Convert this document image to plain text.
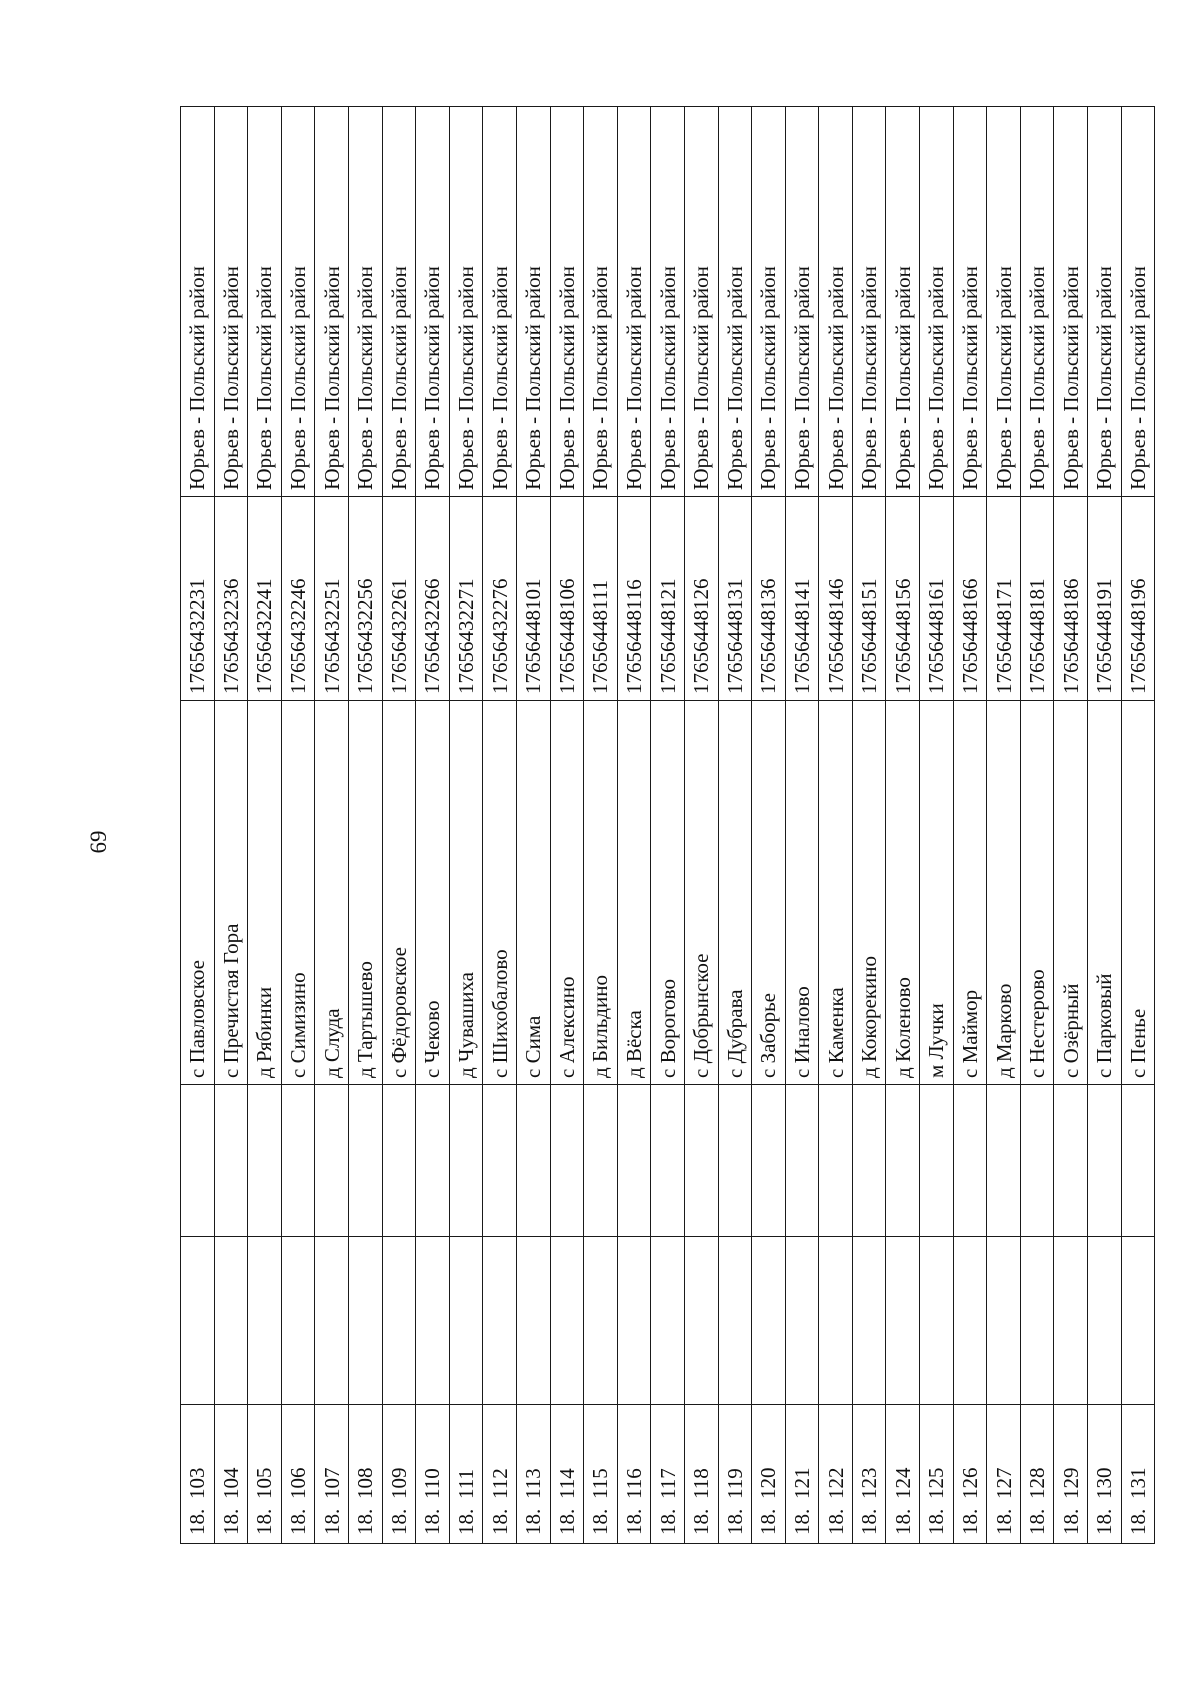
69
18.103			с Павловское	17656432231	Юрьев - Польский район
18.104			с Пречистая Гора	17656432236	Юрьев - Польский район
18.105			д Рябинки	17656432241	Юрьев - Польский район
18.106			с Симизино	17656432246	Юрьев - Польский район
18.107			д Слуда	17656432251	Юрьев - Польский район
18.108			д Тартышево	17656432256	Юрьев - Польский район
18.109			с Фёдоровское	17656432261	Юрьев - Польский район
18.110			с Чеково	17656432266	Юрьев - Польский район
18.111			д Чувашиха	17656432271	Юрьев - Польский район
18.112			с Шихобалово	17656432276	Юрьев - Польский район
18.113			с Сима	17656448101	Юрьев - Польский район
18.114			с Алексино	17656448106	Юрьев - Польский район
18.115			д Бильдино	17656448111	Юрьев - Польский район
18.116			д Вёска	17656448116	Юрьев - Польский район
18.117			с Ворогово	17656448121	Юрьев - Польский район
18.118			с Добрынское	17656448126	Юрьев - Польский район
18.119			с Дубрава	17656448131	Юрьев - Польский район
18.120			с Заборье	17656448136	Юрьев - Польский район
18.121			с Иналово	17656448141	Юрьев - Польский район
18.122			с Каменка	17656448146	Юрьев - Польский район
18.123			д Кокорекино	17656448151	Юрьев - Польский район
18.124			д Коленово	17656448156	Юрьев - Польский район
18.125			м Лучки	17656448161	Юрьев - Польский район
18.126			с Маймор	17656448166	Юрьев - Польский район
18.127			д Марково	17656448171	Юрьев - Польский район
18.128			с Нестерово	17656448181	Юрьев - Польский район
18.129			с Озёрный	17656448186	Юрьев - Польский район
18.130			с Парковый	17656448191	Юрьев - Польский район
18.131			с Пенье	17656448196	Юрьев - Польский район
